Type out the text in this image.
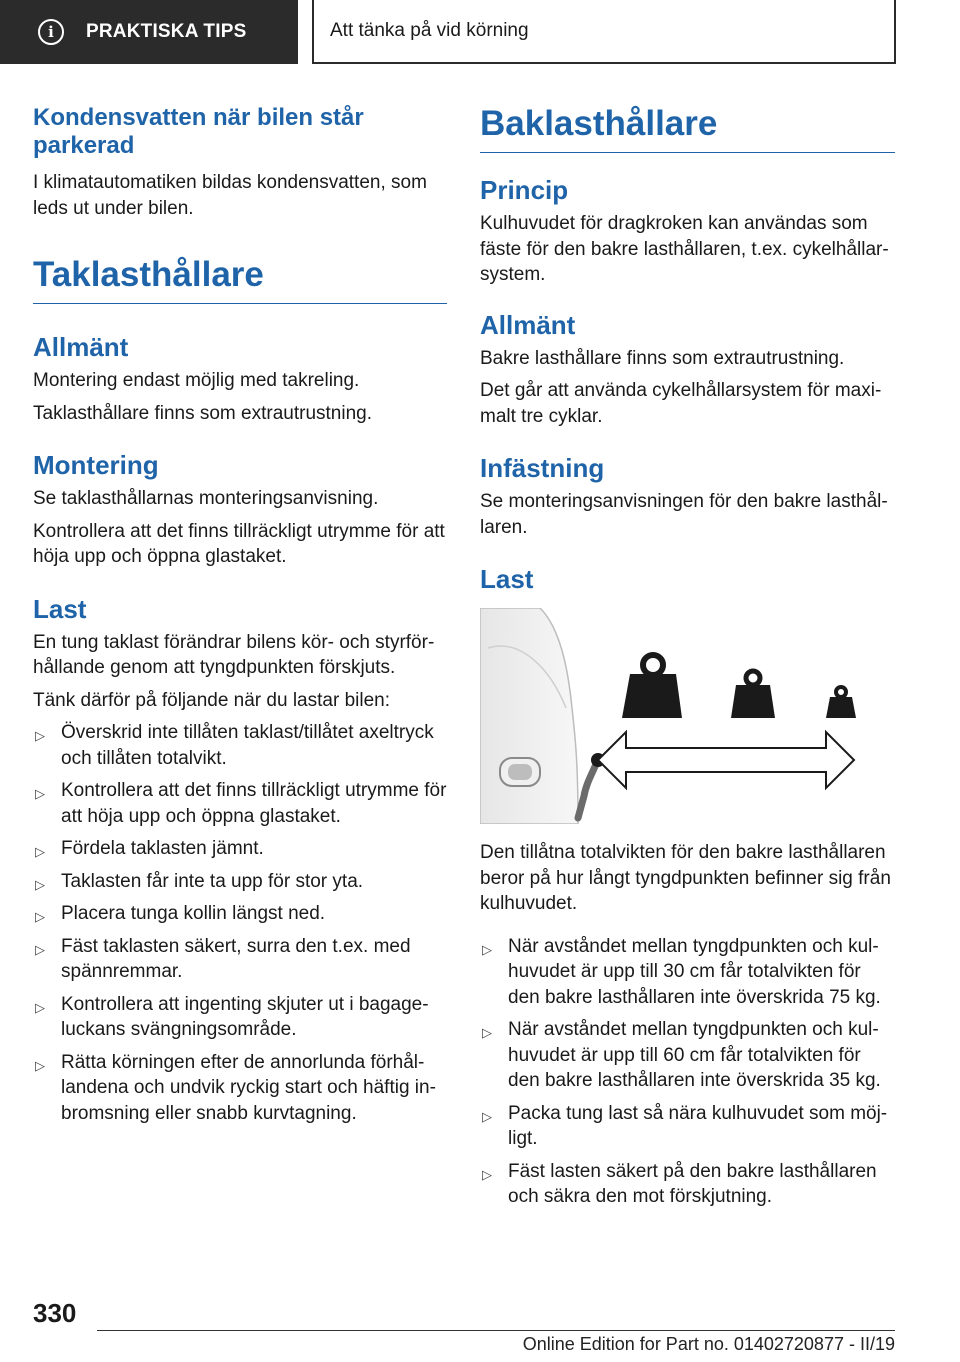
i	PRAKTISKA TIPS	Att tänka på vid körning
Kondensvatten när bilen står parkerad

I klimatautomatiken bildas kondensvatten, som leds ut under bilen.

Taklasthållare
Allmänt

Montering endast möjlig med takreling.

Taklasthållare finns som extrautrustning.

Montering

Se taklasthållarnas monteringsanvisning.

Kontrollera att det finns tillräckligt utrymme för att höja upp och öppna glastaket.

Last

En tung taklast förändrar bilens kör- och styrför-hållande genom att tyngdpunkten förskjuts.

Tänk därför på följande när du lastar bilen:

▷ Överskrid inte tillåten taklast/tillåtet axeltryck och tillåten totalvikt.
▷ Kontrollera att det finns tillräckligt utrymme för att höja upp och öppna glastaket.
▷ Fördela taklasten jämnt.
▷ Taklasten får inte ta upp för stor yta.
▷ Placera tunga kollin längst ned.
▷ Fäst taklasten säkert, surra den t.ex. med spännremmar.
▷ Kontrollera att ingenting skjuter ut i bagage-luckans svängningsområde.
▷ Rätta körningen efter de annorlunda förhål-landena och undvik ryckig start och häftig in-bromsning eller snabb kurvtagning.
Baklasthållare
Princip

Kulhuvudet för dragkroken kan användas som fäste för den bakre lasthållaren, t.ex. cykelhållar-system.

Allmänt

Bakre lasthållare finns som extrautrustning.

Det går att använda cykelhållarsystem för maxi-malt tre cyklar.

Infästning

Se monteringsanvisningen för den bakre lasthål-laren.

Last

Den tillåtna totalvikten för den bakre lasthållaren beror på hur långt tyngdpunkten befinner sig från kulhuvudet.

▷ När avståndet mellan tyngdpunkten och kul-huvudet är upp till 30 cm får totalvikten för den bakre lasthållaren inte överskrida 75 kg.
▷ När avståndet mellan tyngdpunkten och kul-huvudet är upp till 60 cm får totalvikten för den bakre lasthållaren inte överskrida 35 kg.
▷ Packa tung last så nära kulhuvudet som möj-ligt.
▷ Fäst lasten säkert på den bakre lasthållaren och säkra den mot förskjutning.
330
Online Edition for Part no. 01402720877 - II/19
